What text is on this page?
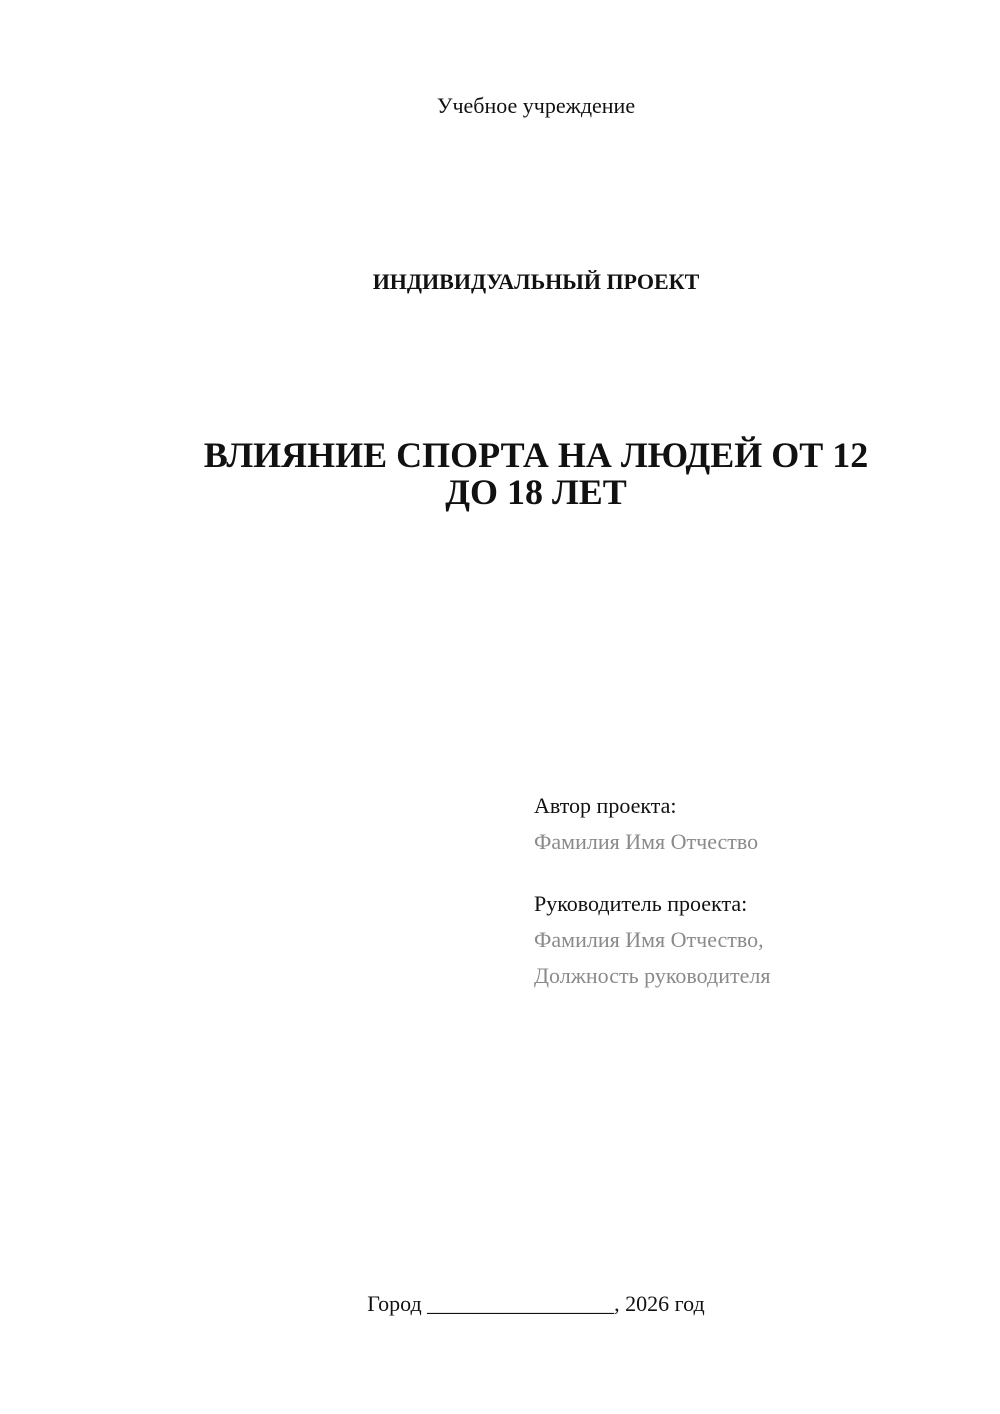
Учебное учреждение
ИНДИВИДУАЛЬНЫЙ ПРОЕКТ
ВЛИЯНИЕ СПОРТА НА ЛЮДЕЙ ОТ 12
ДО 18 ЛЕТ
Автор проекта:
Фамилия Имя Отчество
Руководитель проекта:
Фамилия Имя Отчество,
Должность руководителя
Город _________________, 2026 год
